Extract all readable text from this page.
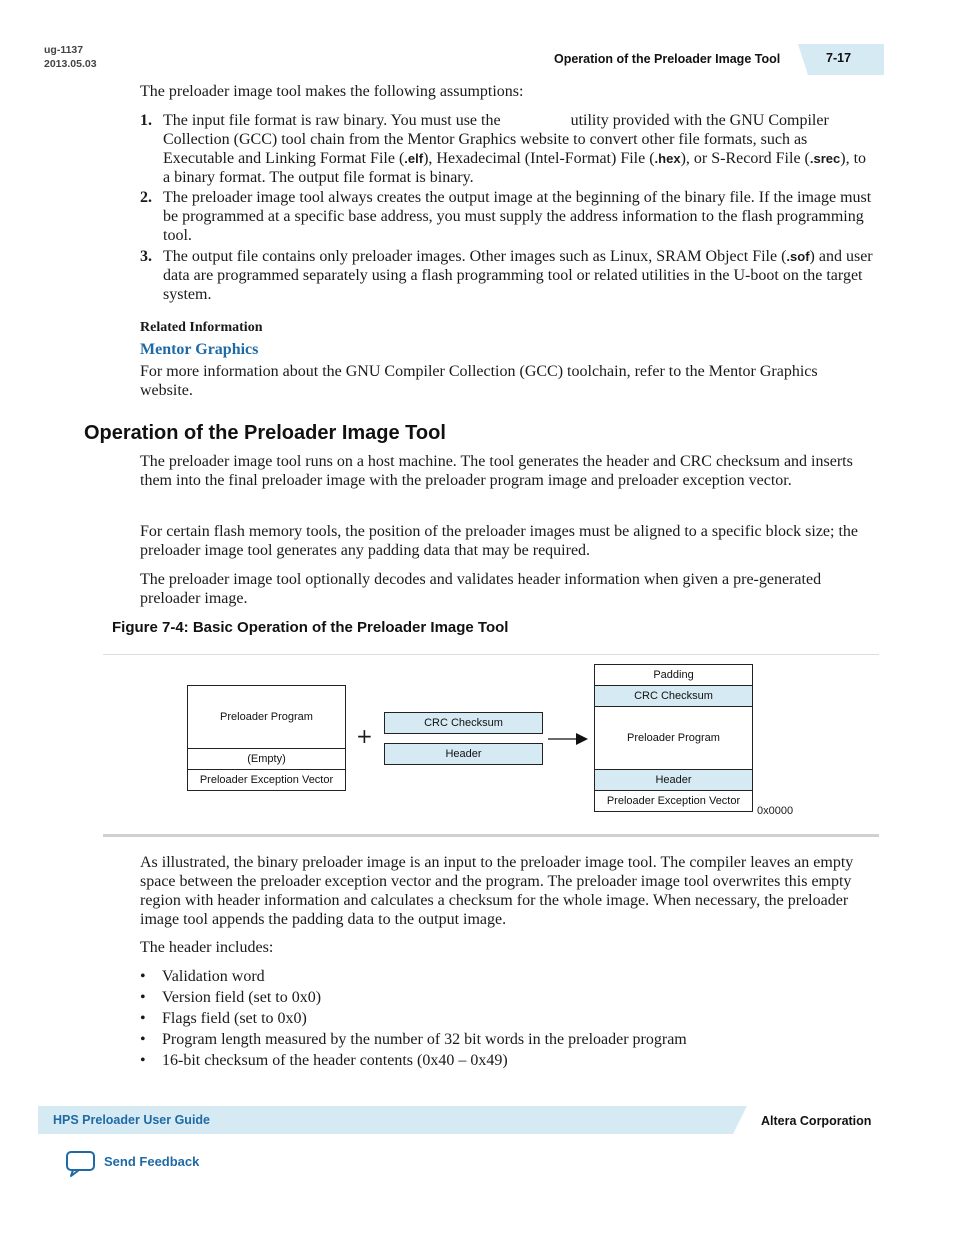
ug-1137
2013.05.03	Operation of the Preloader Image Tool	7-17

The preloader image tool makes the following assumptions:

1. The input file format is raw binary. You must use the	utility provided with the GNU Compiler Collection (GCC) tool chain from the Mentor Graphics website to convert other file formats, such as Executable and Linking Format File (.elf), Hexadecimal (Intel-Format) File (.hex), or S-Record File (.srec), to a binary format. The output file format is binary.
2. The preloader image tool always creates the output image at the beginning of the binary file. If the image must be programmed at a specific base address, you must supply the address information to the flash programming tool.
3. The output file contains only preloader images. Other images such as Linux, SRAM Object File (.sof) and user data are programmed separately using a flash programming tool or related utilities in the U-boot on the target system.
Related Information
Mentor Graphics
For more information about the GNU Compiler Collection (GCC) toolchain, refer to the Mentor Graphics website.
Operation of the Preloader Image Tool

The preloader image tool runs on a host machine. The tool generates the header and CRC checksum and inserts them into the final preloader image with the preloader program image and preloader exception vector.

For certain flash memory tools, the position of the preloader images must be aligned to a specific block size; the preloader image tool generates any padding data that may be required.

The preloader image tool optionally decodes and validates header information when given a pre-generated preloader image.

Figure 7-4: Basic Operation of the Preloader Image Tool
Preloader Program
(Empty)
Preloader Exception Vector
+
CRC Checksum
Header
Padding
CRC Checksum
Preloader Program
Header
Preloader Exception Vector
0x0000

As illustrated, the binary preloader image is an input to the preloader image tool. The compiler leaves an empty space between the preloader exception vector and the program. The preloader image tool overwrites this empty region with header information and calculates a checksum for the whole image. When necessary, the preloader image tool appends the padding data to the output image.

The header includes:

• Validation word
• Version field (set to 0x0)
• Flags field (set to 0x0)
• Program length measured by the number of 32 bit words in the preloader program
• 16-bit checksum of the header contents (0x40 – 0x49)
HPS Preloader User Guide	Altera Corporation
Send Feedback
